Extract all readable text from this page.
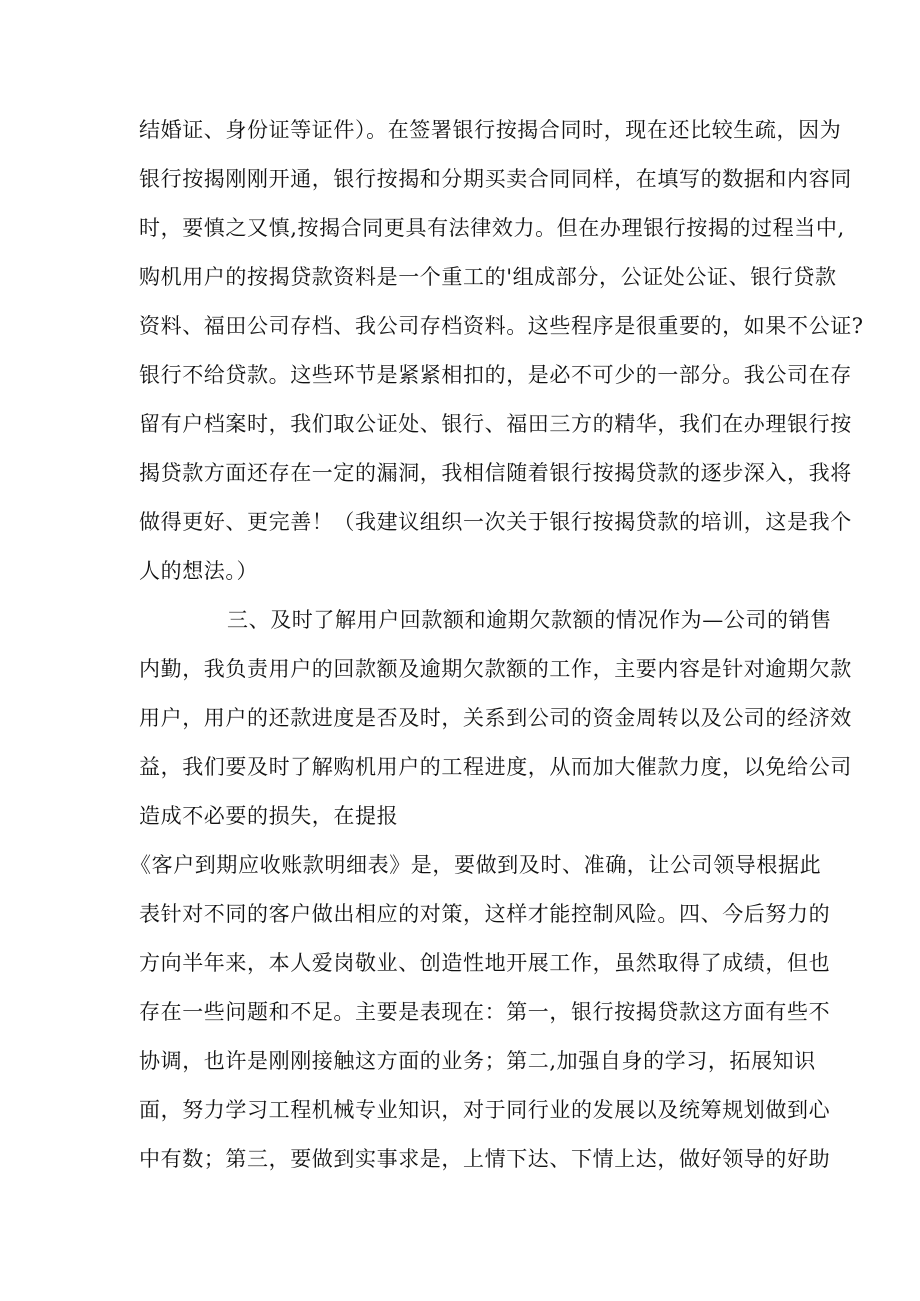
结婚证、身份证等证件）。在签署银行按揭合同时，现在还比较生疏，因为
银行按揭刚刚开通，银行按揭和分期买卖合同同样，在填写的数据和内容同
时，要慎之又慎,按揭合同更具有法律效力。但在办理银行按揭的过程当中,
购机用户的按揭贷款资料是一个重工的'组成部分，公证处公证、银行贷款
资料、福田公司存档、我公司存档资料。这些程序是很重要的，如果不公证?
银行不给贷款。这些环节是紧紧相扣的，是必不可少的一部分。我公司在存
留有户档案时，我们取公证处、银行、福田三方的精华，我们在办理银行按
揭贷款方面还存在一定的漏洞，我相信随着银行按揭贷款的逐步深入，我将
做得更好、更完善！（我建议组织一次关于银行按揭贷款的培训，这是我个
人的想法。）
三、及时了解用户回款额和逾期欠款额的情况作为—公司的销售
内勤，我负责用户的回款额及逾期欠款额的工作，主要内容是针对逾期欠款
用户，用户的还款进度是否及时，关系到公司的资金周转以及公司的经济效
益，我们要及时了解购机用户的工程进度，从而加大催款力度，以免给公司
造成不必要的损失，在提报
《客户到期应收账款明细表》是，要做到及时、准确，让公司领导根据此
表针对不同的客户做出相应的对策，这样才能控制风险。四、今后努力的
方向半年来，本人爱岗敬业、创造性地开展工作，虽然取得了成绩，但也
存在一些问题和不足。主要是表现在：第一，银行按揭贷款这方面有些不
协调，也许是刚刚接触这方面的业务；第二,加强自身的学习，拓展知识
面，努力学习工程机械专业知识，对于同行业的发展以及统筹规划做到心
中有数；第三，要做到实事求是，上情下达、下情上达，做好领导的好助
